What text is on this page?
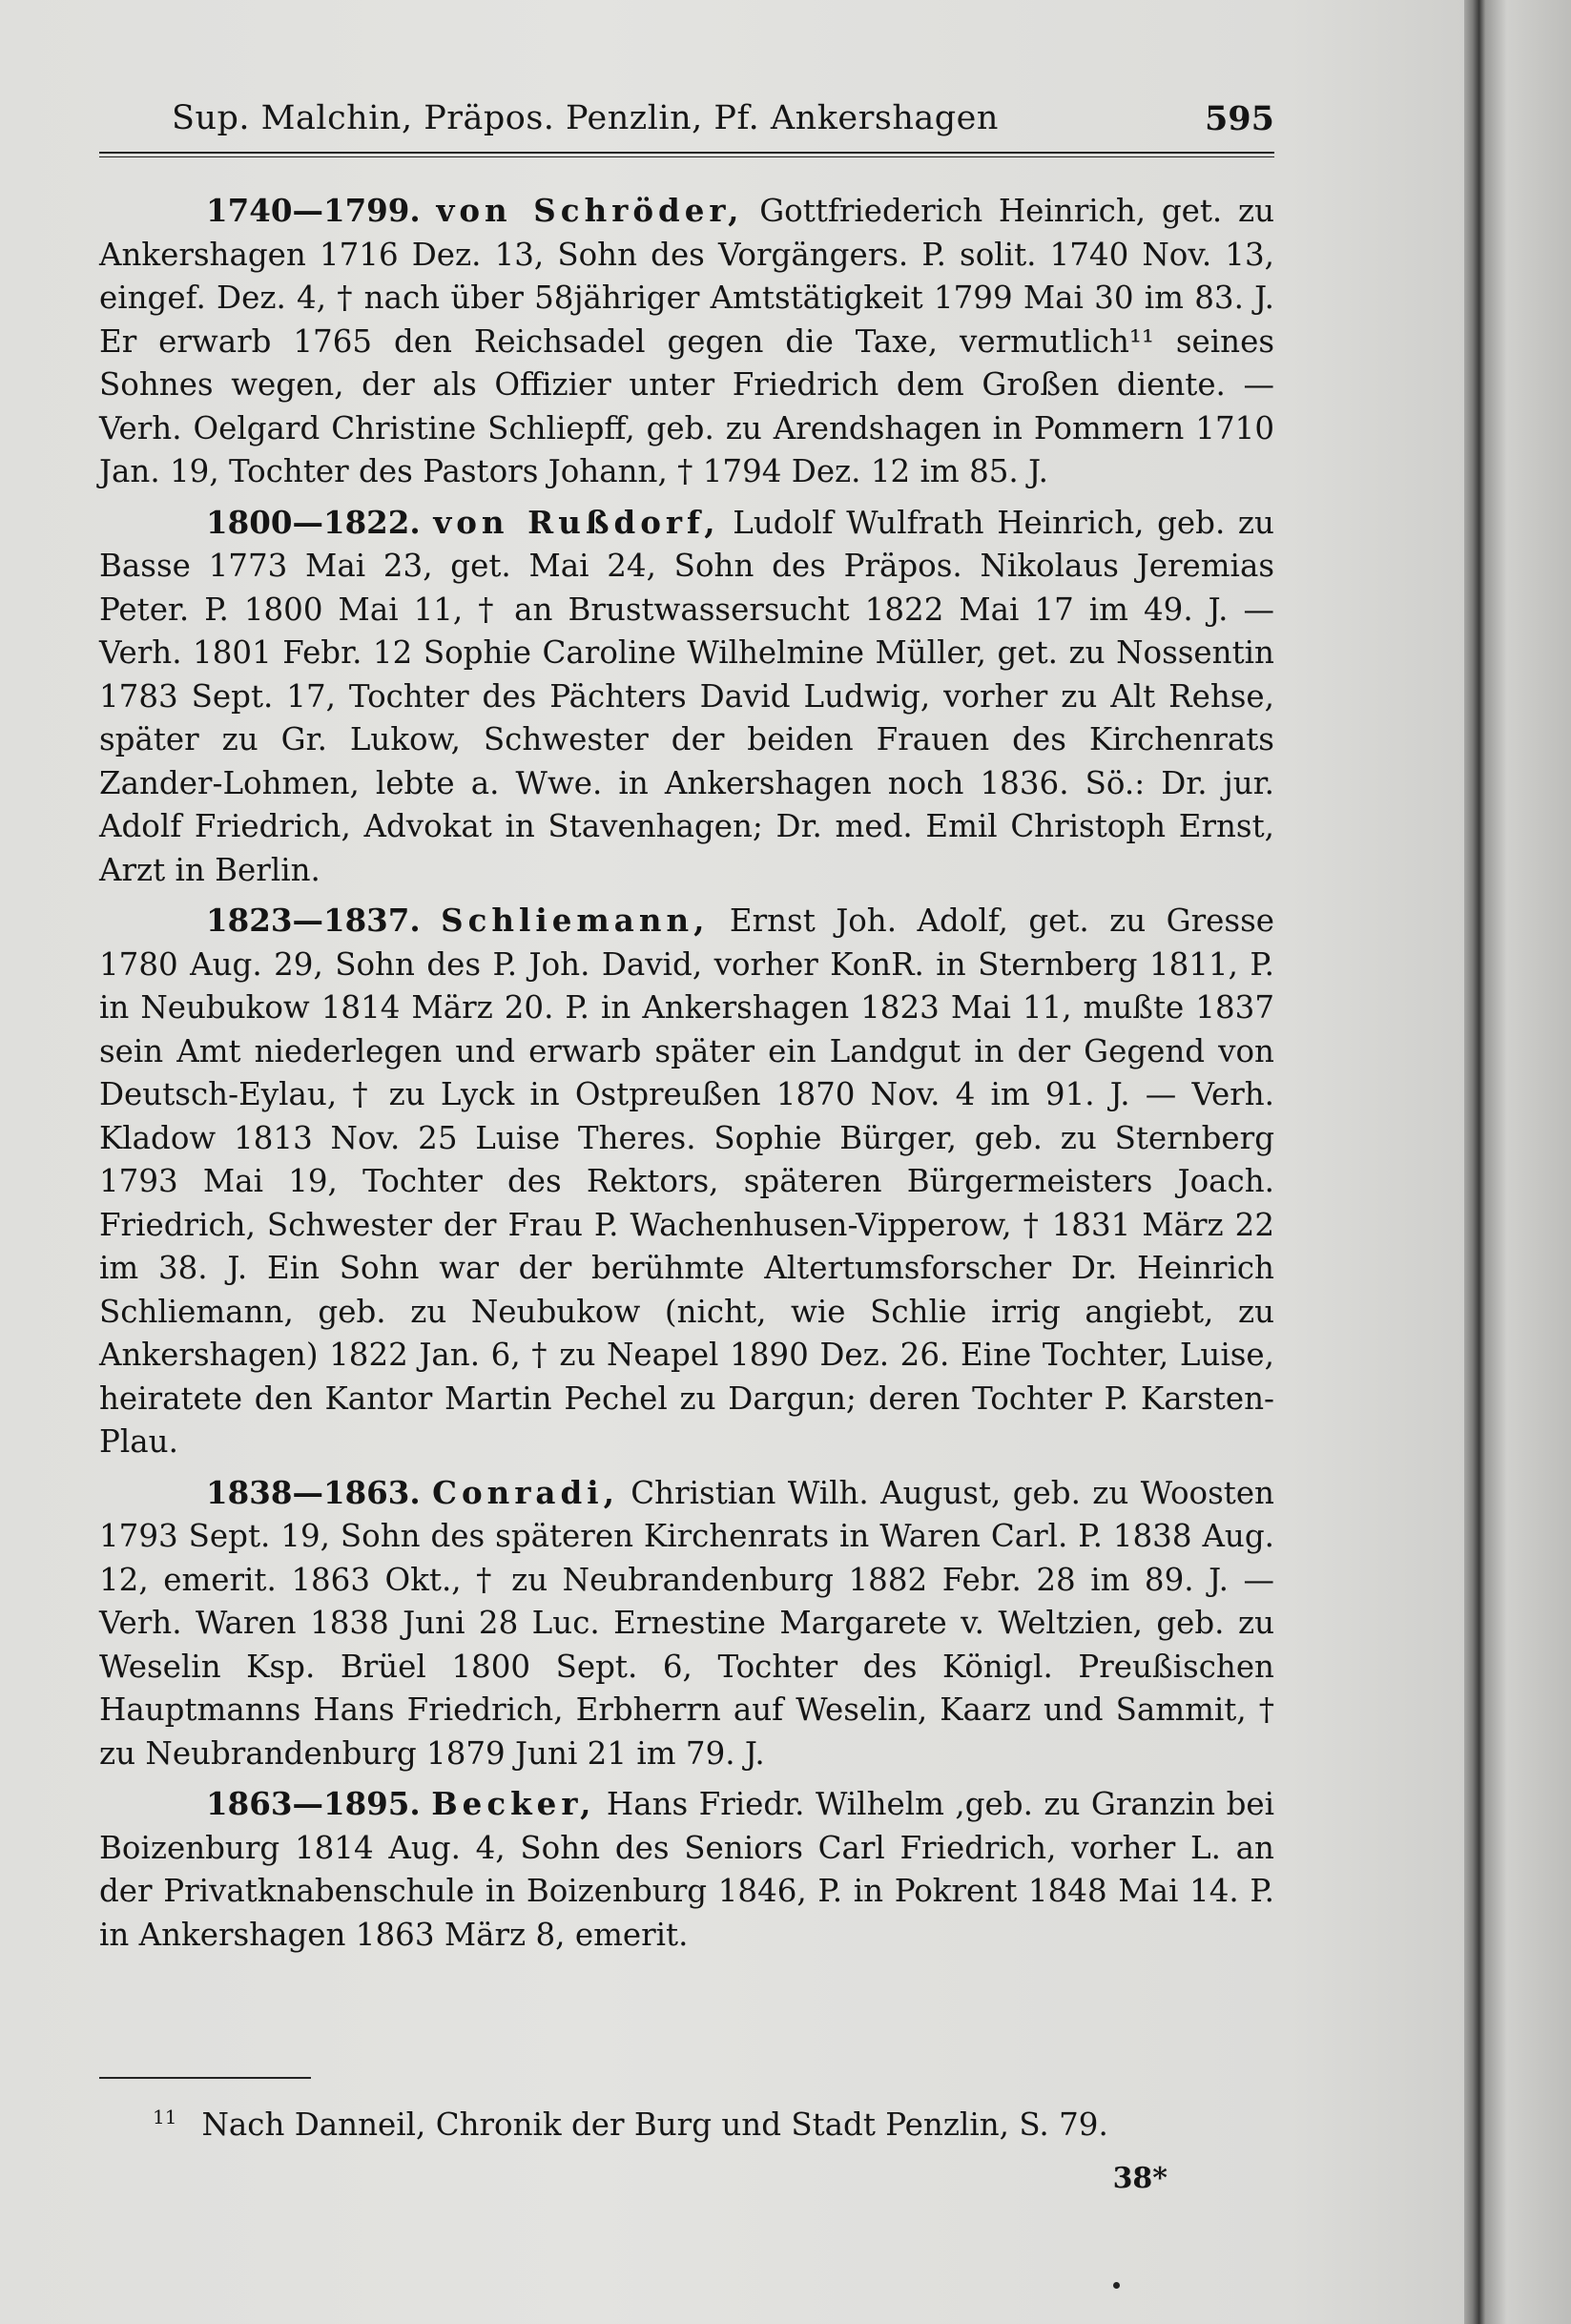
Sup. Malchin, Präpos. Penzlin, Pf. Ankershagen	595

1740—1799. von Schröder, Gottfriederich Heinrich, get. zu Ankershagen 1716 Dez. 13, Sohn des Vorgängers. P. solit. 1740 Nov. 13, eingef. Dez. 4, † nach über 58jähriger Amtstätigkeit 1799 Mai 30 im 83. J. Er erwarb 1765 den Reichsadel gegen die Taxe, vermutlich¹¹ seines Sohnes wegen, der als Offizier unter Friedrich dem Großen diente. — Verh. Oelgard Christine Schliepff, geb. zu Arendshagen in Pommern 1710 Jan. 19, Tochter des Pastors Johann, † 1794 Dez. 12 im 85. J.

1800—1822. von Rußdorf, Ludolf Wulfrath Heinrich, geb. zu Basse 1773 Mai 23, get. Mai 24, Sohn des Präpos. Nikolaus Jeremias Peter. P. 1800 Mai 11, † an Brustwassersucht 1822 Mai 17 im 49. J. — Verh. 1801 Febr. 12 Sophie Caroline Wilhelmine Müller, get. zu Nossentin 1783 Sept. 17, Tochter des Pächters David Ludwig, vorher zu Alt Rehse, später zu Gr. Lukow, Schwester der beiden Frauen des Kirchenrats Zander-Lohmen, lebte a. Wwe. in Ankershagen noch 1836. Sö.: Dr. jur. Adolf Friedrich, Advokat in Stavenhagen; Dr. med. Emil Christoph Ernst, Arzt in Berlin.

1823—1837. Schliemann, Ernst Joh. Adolf, get. zu Gresse 1780 Aug. 29, Sohn des P. Joh. David, vorher KonR. in Sternberg 1811, P. in Neubukow 1814 März 20. P. in Ankershagen 1823 Mai 11, mußte 1837 sein Amt niederlegen und erwarb später ein Landgut in der Gegend von Deutsch-Eylau, † zu Lyck in Ostpreußen 1870 Nov. 4 im 91. J. — Verh. Kladow 1813 Nov. 25 Luise Theres. Sophie Bürger, geb. zu Sternberg 1793 Mai 19, Tochter des Rektors, späteren Bürgermeisters Joach. Friedrich, Schwester der Frau P. Wachenhusen-Vipperow, † 1831 März 22 im 38. J. Ein Sohn war der berühmte Altertumsforscher Dr. Heinrich Schliemann, geb. zu Neubukow (nicht, wie Schlie irrig angiebt, zu Ankershagen) 1822 Jan. 6, † zu Neapel 1890 Dez. 26. Eine Tochter, Luise, heiratete den Kantor Martin Pechel zu Dargun; deren Tochter P. Karsten-Plau.

1838—1863. Conradi, Christian Wilh. August, geb. zu Woosten 1793 Sept. 19, Sohn des späteren Kirchenrats in Waren Carl. P. 1838 Aug. 12, emerit. 1863 Okt., † zu Neubrandenburg 1882 Febr. 28 im 89. J. — Verh. Waren 1838 Juni 28 Luc. Ernestine Margarete v. Weltzien, geb. zu Weselin Ksp. Brüel 1800 Sept. 6, Tochter des Königl. Preußischen Hauptmanns Hans Friedrich, Erbherrn auf Weselin, Kaarz und Sammit, † zu Neubrandenburg 1879 Juni 21 im 79. J.

1863—1895. Becker, Hans Friedr. Wilhelm ,geb. zu Granzin bei Boizenburg 1814 Aug. 4, Sohn des Seniors Carl Friedrich, vorher L. an der Privatknabenschule in Boizenburg 1846, P. in Pokrent 1848 Mai 14. P. in Ankershagen 1863 März 8, emerit.

$^{11}$ Nach Danneil, Chronik der Burg und Stadt Penzlin, S. 79.
38*
